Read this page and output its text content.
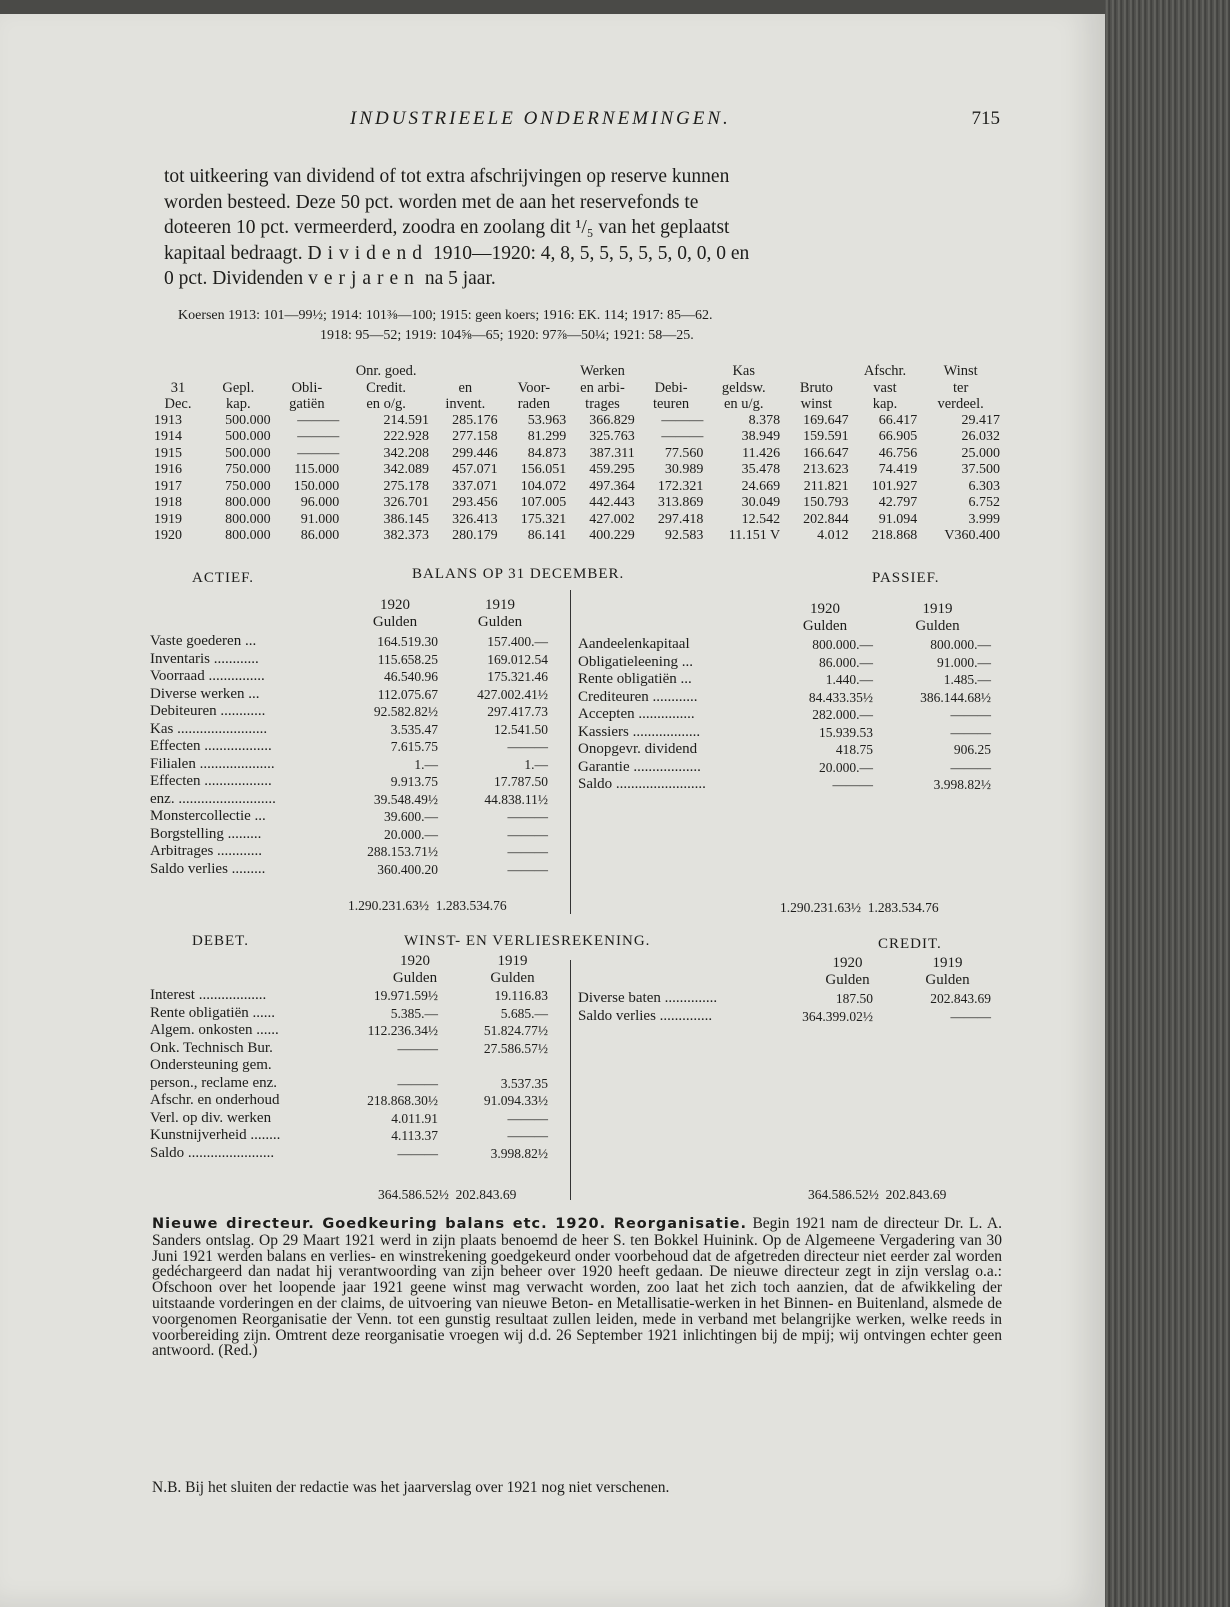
INDUSTRIEELE ONDERNEMINGEN.	715

tot uitkeering van dividend of tot extra afschrijvingen op reserve kunnen

worden besteed. Deze 50 pct. worden met de aan het reservefonds te

doteeren 10 pct. vermeerderd, zoodra en zoolang dit ¹/₅ van het geplaatst

kapitaal bedraagt. Dividend 1910—1920: 4, 8, 5, 5, 5, 5, 5, 0, 0, 0 en

0 pct. Dividenden verjaren na 5 jaar.

Koersen 1913: 101—99½; 1914: 101⅜—100; 1915: geen koers; 1916: EK. 114; 1917: 85—62.
1918: 95—52; 1919: 104⅝—65; 1920: 97⅞—50¼; 1921: 58—25.
			Onr. goed.			Werken		Kas		Afschr.	Winst
31	Gepl.	Obli-	Credit.	en	Voor-	en arbi-	Debi-	geldsw.	Bruto	vast	ter
Dec.	kap.	gatiën	en o/g.	invent.	raden	trages	teuren	en u/g.	winst	kap.	verdeel.
1913	500.000	———	214.591	285.176	53.963	366.829	———	8.378	169.647	66.417	29.417
1914	500.000	———	222.928	277.158	81.299	325.763	———	38.949	159.591	66.905	26.032
1915	500.000	———	342.208	299.446	84.873	387.311	77.560	11.426	166.647	46.756	25.000
1916	750.000	115.000	342.089	457.071	156.051	459.295	30.989	35.478	213.623	74.419	37.500
1917	750.000	150.000	275.178	337.071	104.072	497.364	172.321	24.669	211.821	101.927	6.303
1918	800.000	96.000	326.701	293.456	107.005	442.443	313.869	30.049	150.793	42.797	6.752
1919	800.000	91.000	386.145	326.413	175.321	427.002	297.418	12.542	202.844	91.094	3.999
1920	800.000	86.000	382.373	280.179	86.141	400.229	92.583	11.151 V	4.012	218.868	V360.400
ACTIEF.	BALANS OP 31 DECEMBER.	PASSIEF.
1920	1919
Gulden	Gulden
1920	1919
Gulden	Gulden
Vaste goederen ...	164.519.30	157.400.—
Inventaris ............	115.658.25	169.012.54
Voorraad ...............	46.540.96	175.321.46
Diverse werken ...	112.075.67	427.002.41½
Debiteuren ............	92.582.82½	297.417.73
Kas ........................	3.535.47	12.541.50
Effecten ..................	7.615.75	———
Filialen ....................	1.—	1.—
Effecten ..................	9.913.75	17.787.50
enz. ..........................	39.548.49½	44.838.11½
Monstercollectie ...	39.600.—	———
Borgstelling .........	20.000.—	———
Arbitrages ............	288.153.71½	———
Saldo verlies .........	360.400.20	———
Aandeelenkapitaal	800.000.—	800.000.—
Obligatieleening ...	86.000.—	91.000.—
Rente obligatiën ...	1.440.—	1.485.—
Crediteuren ............	84.433.35½	386.144.68½
Accepten ...............	282.000.—	———
Kassiers ..................	15.939.53	———
Onopgevr. dividend	418.75	906.25
Garantie ..................	20.000.—	———
Saldo ........................	———	3.998.82½
1.290.231.63½ 1.283.534.76	1.290.231.63½ 1.283.534.76
DEBET.	WINST- EN VERLIESREKENING.	CREDIT.
1920	1919
Gulden	Gulden
1920	1919
Gulden	Gulden
Interest ..................	19.971.59½	19.116.83
Rente obligatiën ......	5.385.—	5.685.—
Algem. onkosten ......	112.236.34½	51.824.77½
Onk. Technisch Bur.	———	27.586.57½
Ondersteuning gem.
person., reclame enz.	———	3.537.35
Afschr. en onderhoud	218.868.30½	91.094.33½
Verl. op div. werken	4.011.91	———
Kunstnijverheid ........	4.113.37	———
Saldo .......................	———	3.998.82½
Diverse baten ..............	187.50	202.843.69
Saldo verlies ..............	364.399.02½	———
364.586.52½ 202.843.69	364.586.52½ 202.843.69
Nieuwe directeur. Goedkeuring balans etc. 1920. Reorganisatie. Begin 1921 nam de directeur Dr. L. A. Sanders ontslag. Op 29 Maart 1921 werd in zijn plaats benoemd de heer S. ten Bokkel Huinink. Op de Algemeene Vergadering van 30 Juni 1921 werden balans en verlies- en winstrekening goedgekeurd onder voorbehoud dat de afgetreden directeur niet eerder zal worden gedéchargeerd dan nadat hij verantwoording van zijn beheer over 1920 heeft gedaan. De nieuwe directeur zegt in zijn verslag o.a.: Ofschoon over het loopende jaar 1921 geene winst mag verwacht worden, zoo laat het zich toch aanzien, dat de afwikkeling der uitstaande vorderingen en der claims, de uitvoering van nieuwe Beton- en Metallisatie-werken in het Binnen- en Buitenland, alsmede de voorgenomen Reorganisatie der Venn. tot een gunstig resultaat zullen leiden, mede in verband met belangrijke werken, welke reeds in voorbereiding zijn. Omtrent deze reorganisatie vroegen wij d.d. 26 September 1921 inlichtingen bij de mpij; wij ontvingen echter geen antwoord. (Red.)
N.B. Bij het sluiten der redactie was het jaarverslag over 1921 nog niet verschenen.
